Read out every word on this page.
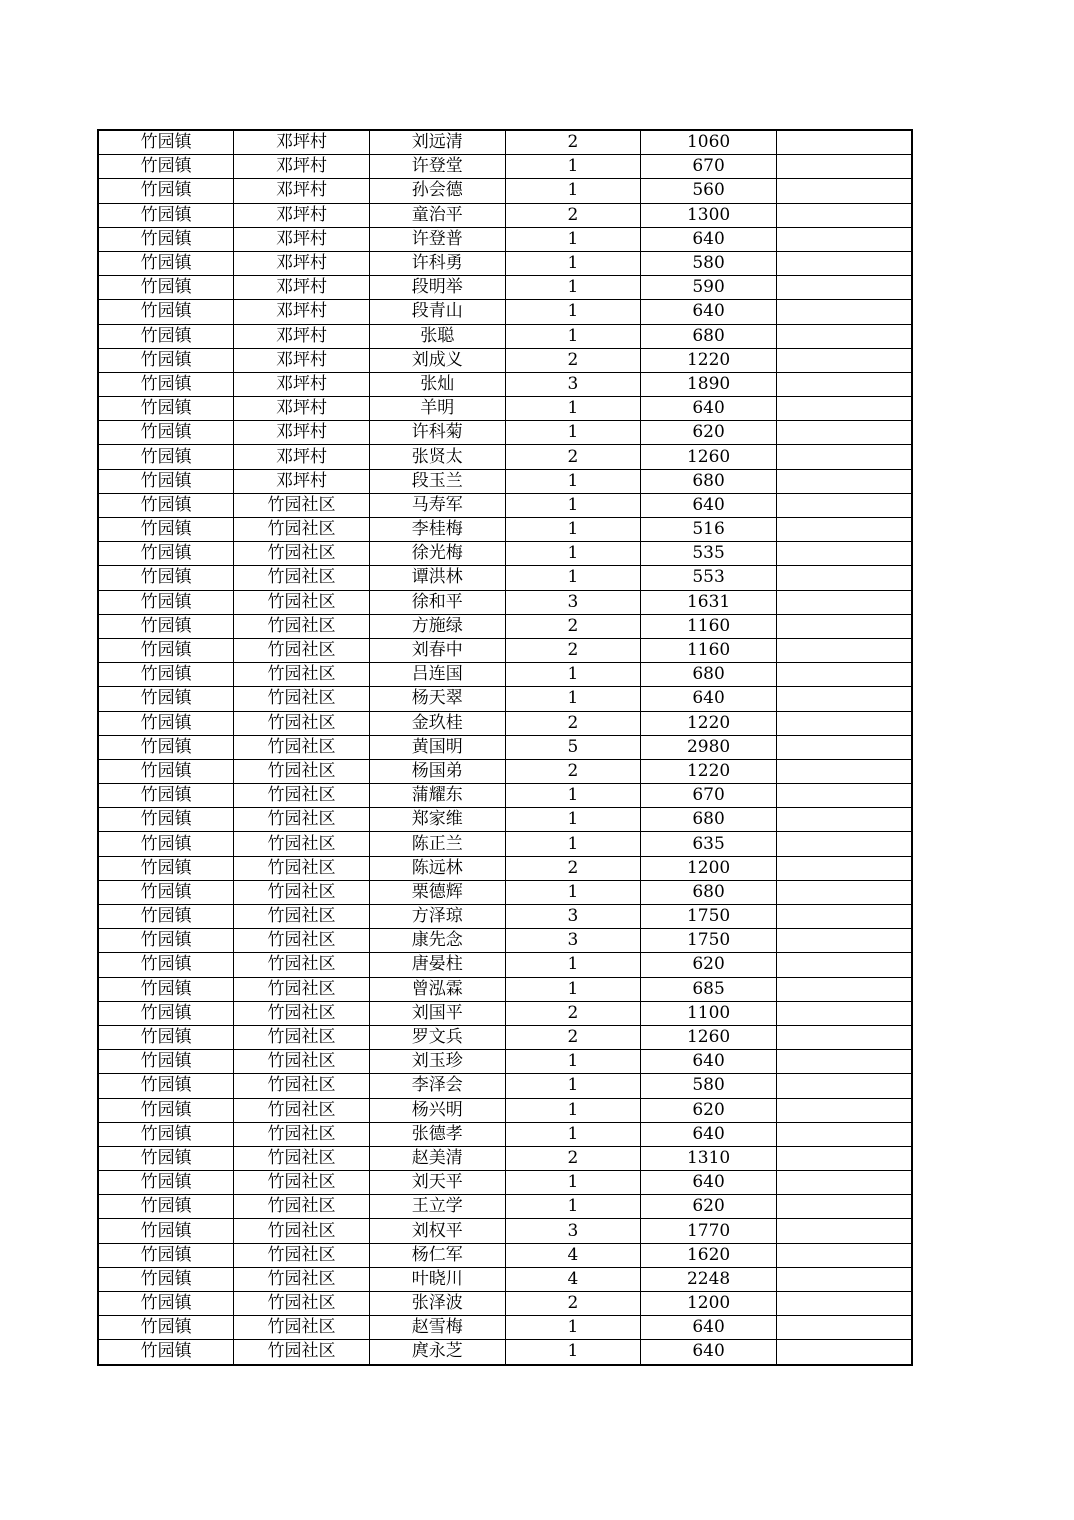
竹园镇	邓坪村	刘远清	2	1060	
竹园镇	邓坪村	许登堂	1	670	
竹园镇	邓坪村	孙会德	1	560	
竹园镇	邓坪村	童治平	2	1300	
竹园镇	邓坪村	许登普	1	640	
竹园镇	邓坪村	许科勇	1	580	
竹园镇	邓坪村	段明举	1	590	
竹园镇	邓坪村	段青山	1	640	
竹园镇	邓坪村	张聪	1	680	
竹园镇	邓坪村	刘成义	2	1220	
竹园镇	邓坪村	张灿	3	1890	
竹园镇	邓坪村	羊明	1	640	
竹园镇	邓坪村	许科菊	1	620	
竹园镇	邓坪村	张贤太	2	1260	
竹园镇	邓坪村	段玉兰	1	680	
竹园镇	竹园社区	马寿军	1	640	
竹园镇	竹园社区	李桂梅	1	516	
竹园镇	竹园社区	徐光梅	1	535	
竹园镇	竹园社区	谭洪林	1	553	
竹园镇	竹园社区	徐和平	3	1631	
竹园镇	竹园社区	方施绿	2	1160	
竹园镇	竹园社区	刘春中	2	1160	
竹园镇	竹园社区	吕连国	1	680	
竹园镇	竹园社区	杨天翠	1	640	
竹园镇	竹园社区	金玖桂	2	1220	
竹园镇	竹园社区	黄国明	5	2980	
竹园镇	竹园社区	杨国弟	2	1220	
竹园镇	竹园社区	蒲耀东	1	670	
竹园镇	竹园社区	郑家维	1	680	
竹园镇	竹园社区	陈正兰	1	635	
竹园镇	竹园社区	陈远林	2	1200	
竹园镇	竹园社区	栗德辉	1	680	
竹园镇	竹园社区	方泽琼	3	1750	
竹园镇	竹园社区	康先念	3	1750	
竹园镇	竹园社区	唐晏柱	1	620	
竹园镇	竹园社区	曾泓霖	1	685	
竹园镇	竹园社区	刘国平	2	1100	
竹园镇	竹园社区	罗文兵	2	1260	
竹园镇	竹园社区	刘玉珍	1	640	
竹园镇	竹园社区	李泽会	1	580	
竹园镇	竹园社区	杨兴明	1	620	
竹园镇	竹园社区	张德孝	1	640	
竹园镇	竹园社区	赵美清	2	1310	
竹园镇	竹园社区	刘天平	1	640	
竹园镇	竹园社区	王立学	1	620	
竹园镇	竹园社区	刘权平	3	1770	
竹园镇	竹园社区	杨仁军	4	1620	
竹园镇	竹园社区	叶晓川	4	2248	
竹园镇	竹园社区	张泽波	2	1200	
竹园镇	竹园社区	赵雪梅	1	640	
竹园镇	竹园社区	庹永芝	1	640	
